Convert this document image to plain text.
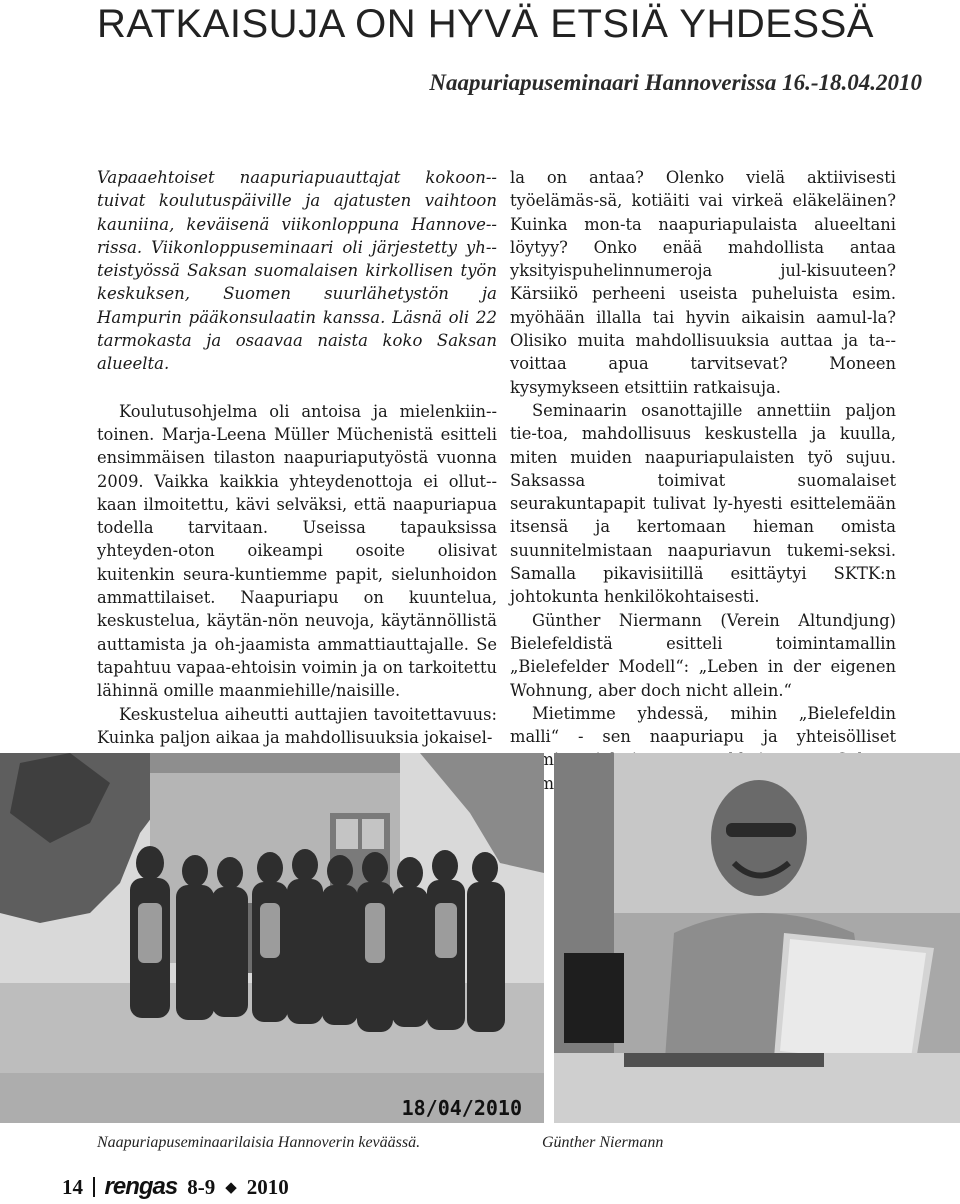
RATKAISUJA ON HYVÄ ETSIÄ YHDESSÄ
Naapuriapuseminaari Hannoverissa 16.-18.04.2010

Vapaaehtoiset naapuriapuauttajat kokoon-tuivat koulutuspäiville ja ajatusten vaihtoon kauniina, keväisenä viikonloppuna Hannove-rissa. Viikonloppuseminaari oli järjestetty yh-teistyössä Saksan suomalaisen kirkollisen työn keskuksen, Suomen suurlähetystön ja Hampurin pääkonsulaatin kanssa. Läsnä oli 22 tarmokasta ja osaavaa naista koko Saksan alueelta.

Koulutusohjelma oli antoisa ja mielenkiin-toinen. Marja-Leena Müller Müchenistä esitteli ensimmäisen tilaston naapuriaputyöstä vuonna 2009. Vaikka kaikkia yhteydenottoja ei ollut-kaan ilmoitettu, kävi selväksi, että naapuriapua todella tarvitaan. Useissa tapauksissa yhteyden-oton oikeampi osoite olisivat kuitenkin seura-kuntiemme papit, sielunhoidon ammattilaiset. Naapuriapu on kuuntelua, keskustelua, käytän-nön neuvoja, käytännöllistä auttamista ja oh-jaamista ammattiauttajalle. Se tapahtuu vapaa-ehtoisin voimin ja on tarkoitettu lähinnä omille maanmiehille/naisille.

Keskustelua aiheutti auttajien tavoitettavuus: Kuinka paljon aikaa ja mahdollisuuksia jokaisel-

la on antaa? Olenko vielä aktiivisesti työelämäs-sä, kotiäiti vai virkeä eläkeläinen? Kuinka mon-ta naapuriapulaista alueeltani löytyy? Onko enää mahdollista antaa yksityispuhelinnumeroja jul-kisuuteen? Kärsiikö perheeni useista puheluista esim. myöhään illalla tai hyvin aikaisin aamul-la? Olisiko muita mahdollisuuksia auttaa ja ta-voittaa apua tarvitsevat? Moneen kysymykseen etsittiin ratkaisuja.

Seminaarin osanottajille annettiin paljon tie-toa, mahdollisuus keskustella ja kuulla, miten muiden naapuriapulaisten työ sujuu. Saksassa toimivat suomalaiset seurakuntapapit tulivat ly-hyesti esittelemään itsensä ja kertomaan hieman omista suunnitelmistaan naapuriavun tukemi-seksi. Samalla pikavisiitillä esittäytyi SKTK:n johtokunta henkilökohtaisesti.

Günther Niermann (Verein Altundjung) Bielefeldistä esitteli toimintamallin „Bielefelder Modell“: „Leben in der eigenen Wohnung, aber doch nicht allein.“

Mietimme yhdessä, mihin „Bielefeldin malli“ - sen naapuriapu ja yhteisölliset

18/04/2010

Naapuriapuseminaarilaisia Hannoverin keväässä.	Günther Niermann

14 rengas 8-9 ◆ 2010
